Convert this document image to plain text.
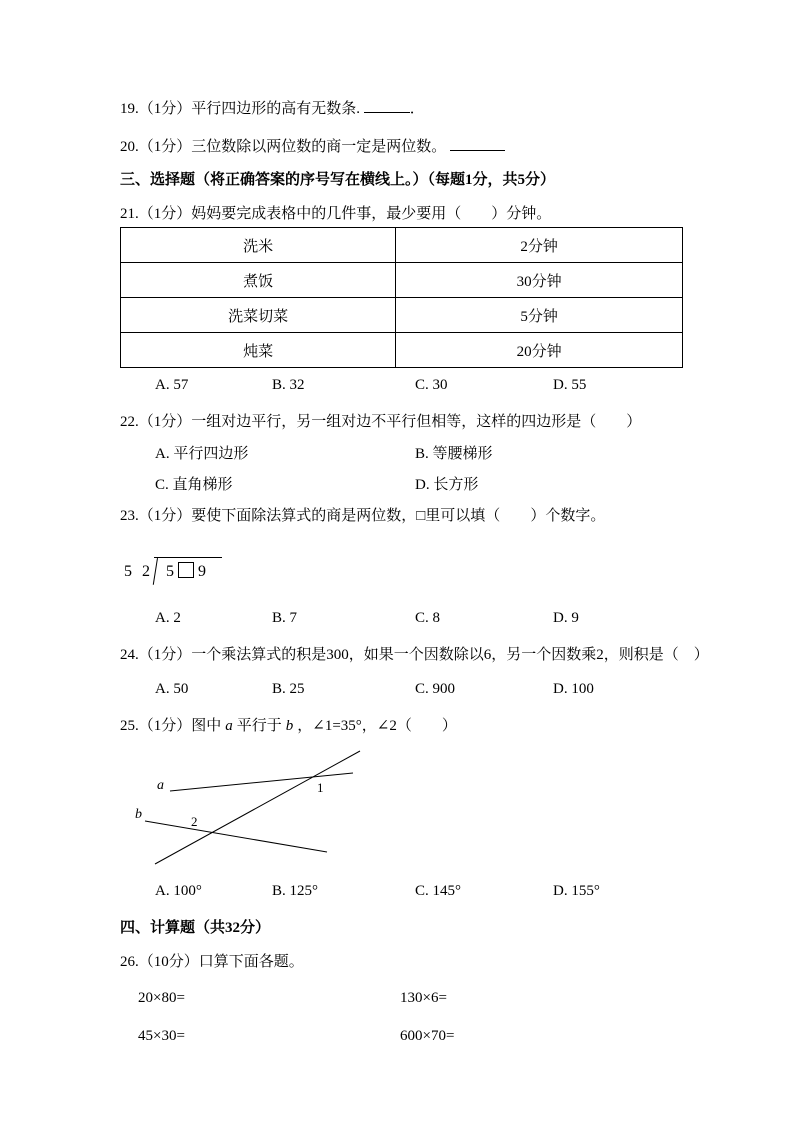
19.（1分）平行四边形的高有无数条.	．

20.（1分）三位数除以两位数的商一定是两位数。

三、选择题（将正确答案的序号写在横线上。）（每题1分，共5分）

21.（1分）妈妈要完成表格中的几件事，最少要用（　　）分钟。

洗米	2分钟
煮饭	30分钟
洗菜切菜	5分钟
炖菜	20分钟
A. 57	B. 32	C. 30	D. 55

22.（1分）一组对边平行，另一组对边不平行但相等，这样的四边形是（　　）

A. 平行四边形	B. 等腰梯形
C. 直角梯形	D. 长方形

23.（1分）要使下面除法算式的商是两位数，□里可以填（　　）个数字。

5 2 5 9
A. 2	B. 7	C. 8	D. 9

24.（1分）一个乘法算式的积是300，如果一个因数除以6，另一个因数乘2，则积是（　）

A. 50	B. 25	C. 900	D. 100

25.（1分）图中 a 平行于 b ，∠1=35°，∠2（　　）

a
b
1
2
A. 100°	B. 125°	C. 145°	D. 155°

四、计算题（共32分）

26.（10分）口算下面各题。

20×80=	130×6=
45×30=	600×70=
